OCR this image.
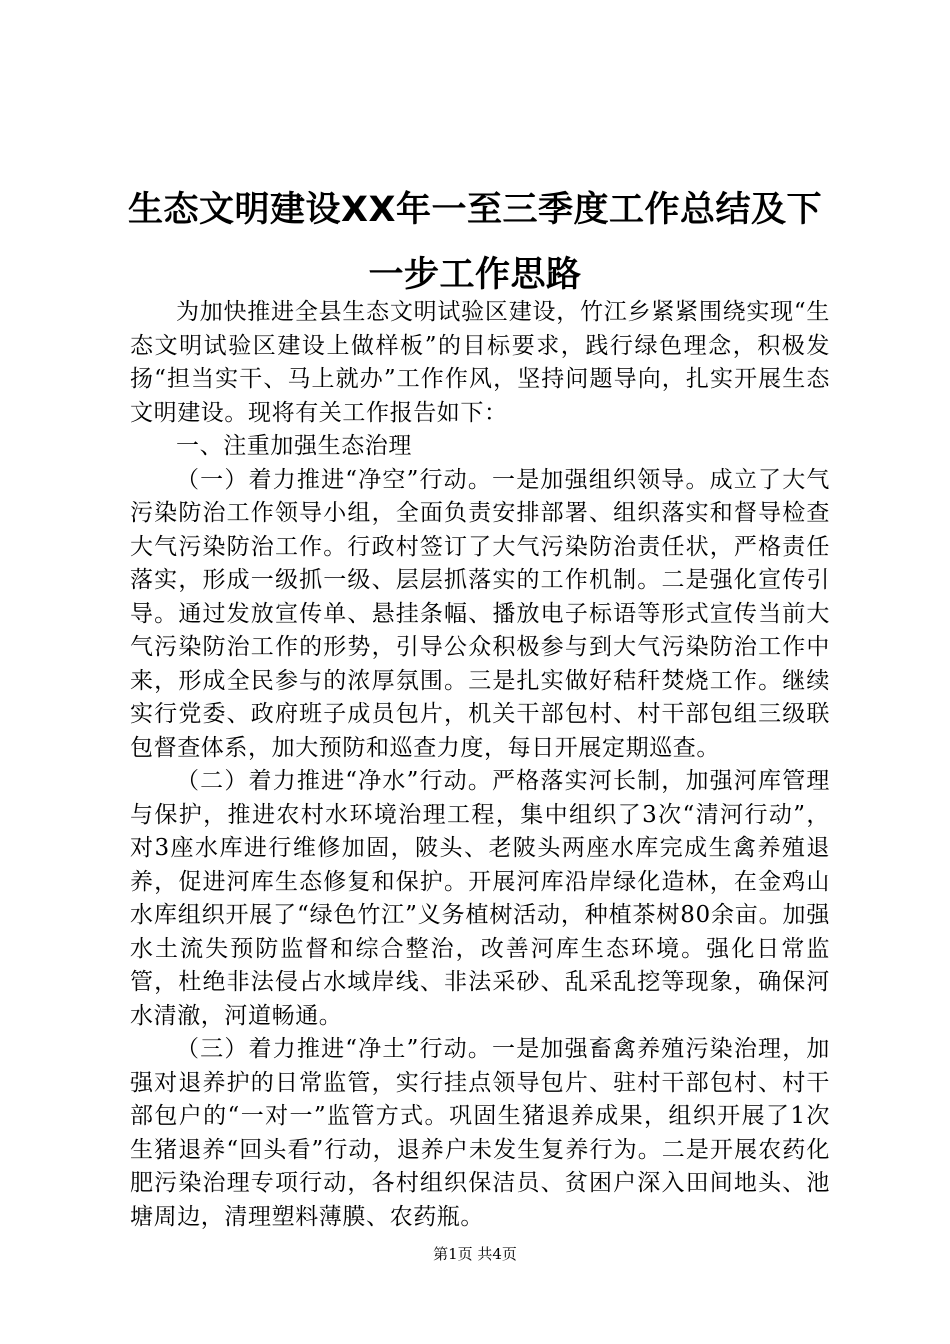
生态文明建设XX年一至三季度工作总结及下一步工作思路

为加快推进全县生态文明试验区建设，竹江乡紧紧围绕实现“生态文明试验区建设上做样板”的目标要求，践行绿色理念，积极发扬“担当实干、马上就办”工作作风，坚持问题导向，扎实开展生态文明建设。现将有关工作报告如下：

一、注重加强生态治理

（一）着力推进“净空”行动。一是加强组织领导。成立了大气污染防治工作领导小组，全面负责安排部署、组织落实和督导检查大气污染防治工作。行政村签订了大气污染防治责任状，严格责任落实，形成一级抓一级、层层抓落实的工作机制。二是强化宣传引导。通过发放宣传单、悬挂条幅、播放电子标语等形式宣传当前大气污染防治工作的形势，引导公众积极参与到大气污染防治工作中来，形成全民参与的浓厚氛围。三是扎实做好秸秆焚烧工作。继续实行党委、政府班子成员包片，机关干部包村、村干部包组三级联包督查体系，加大预防和巡查力度，每日开展定期巡查。

（二）着力推进“净水”行动。严格落实河长制，加强河库管理与保护，推进农村水环境治理工程，集中组织了3次“清河行动”，对3座水库进行维修加固，陂头、老陂头两座水库完成生禽养殖退养，促进河库生态修复和保护。开展河库沿岸绿化造林，在金鸡山水库组织开展了“绿色竹江”义务植树活动，种植茶树80余亩。加强水土流失预防监督和综合整治，改善河库生态环境。强化日常监管，杜绝非法侵占水域岸线、非法采砂、乱采乱挖等现象，确保河水清澈，河道畅通。

（三）着力推进“净土”行动。一是加强畜禽养殖污染治理，加强对退养护的日常监管，实行挂点领导包片、驻村干部包村、村干部包户的“一对一”监管方式。巩固生猪退养成果，组织开展了1次生猪退养“回头看”行动，退养户未发生复养行为。二是开展农药化肥污染治理专项行动，各村组织保洁员、贫困户深入田间地头、池塘周边，清理塑料薄膜、农药瓶。

第1页 共4页
